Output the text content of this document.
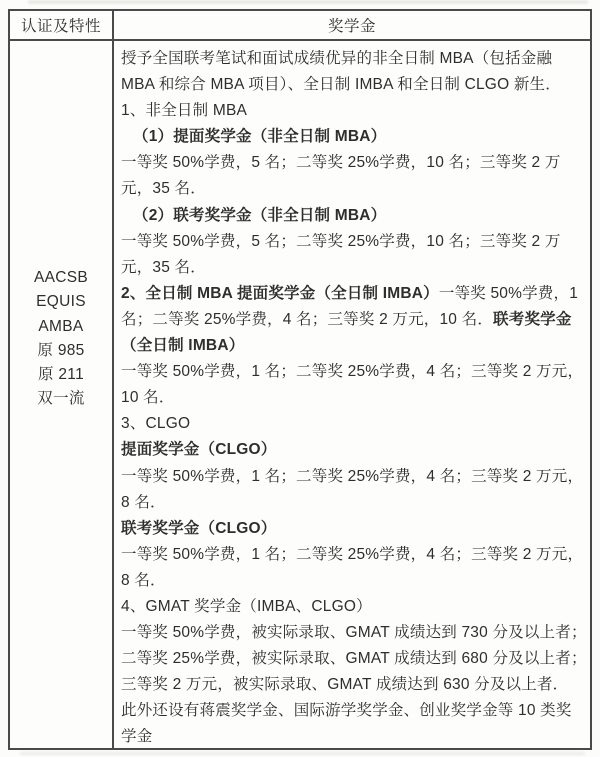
认证及特性	奖学金
AACSB
EQUIS
AMBA
原 985
原 211
双一流
授予全国联考笔试和面试成绩优异的非全日制 MBA（包括金融
MBA 和综合 MBA 项目）、全日制 IMBA 和全日制 CLGO 新生．
1、非全日制 MBA
（1）提面奖学金（非全日制 MBA）
一等奖 50%学费，5 名；二等奖 25%学费，10 名；三等奖 2 万
元，35 名．
（2）联考奖学金（非全日制 MBA）
一等奖 50%学费，5 名；二等奖 25%学费，10 名；三等奖 2 万
元，35 名．
2、全日制 MBA 提面奖学金（全日制 IMBA）一等奖 50%学费，1
名；二等奖 25%学费，4 名；三等奖 2 万元，10 名．联考奖学金
（全日制 IMBA）
一等奖 50%学费，1 名；二等奖 25%学费，4 名；三等奖 2 万元，
10 名．
3、CLGO
提面奖学金（CLGO）
一等奖 50%学费，1 名；二等奖 25%学费，4 名；三等奖 2 万元，
8 名．
联考奖学金（CLGO）
一等奖 50%学费，1 名；二等奖 25%学费，4 名；三等奖 2 万元，
8 名．
4、GMAT 奖学金（IMBA、CLGO）
一等奖 50%学费，被实际录取、GMAT 成绩达到 730 分及以上者；
二等奖 25%学费，被实际录取、GMAT 成绩达到 680 分及以上者；
三等奖 2 万元，被实际录取、GMAT 成绩达到 630 分及以上者．
此外还设有蒋震奖学金、国际游学奖学金、创业奖学金等 10 类奖
学金
